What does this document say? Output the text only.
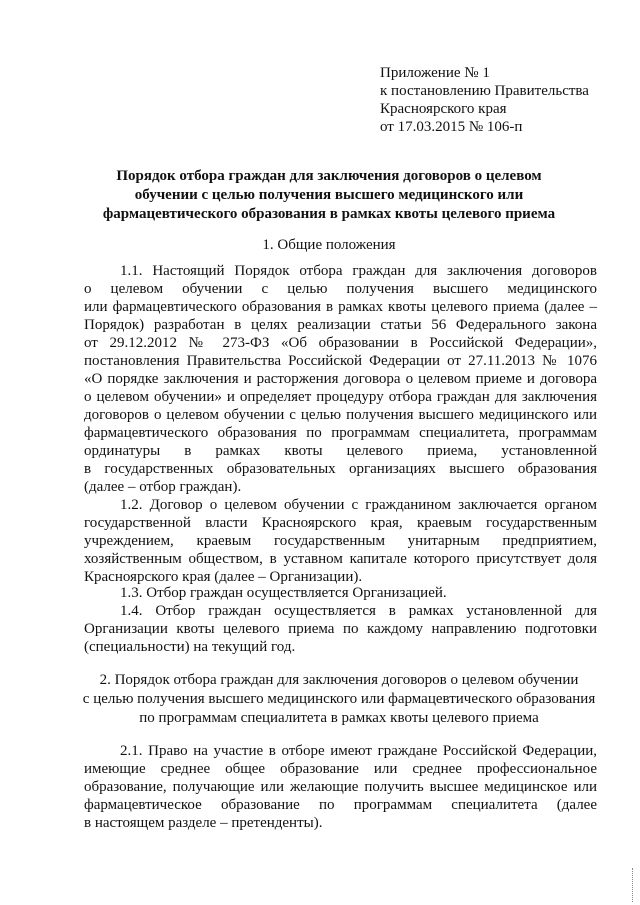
Приложение № 1
к постановлению Правительства
Красноярского края
от 17.03.2015 № 106-п
Порядок отбора граждан для заключения договоров о целевом
обучении с целью получения высшего медицинского или
фармацевтического образования в рамках квоты целевого приема
1. Общие положения
1.1. Настоящий Порядок отбора граждан для заключения договоров
о целевом обучении с целью получения высшего медицинского
или фармацевтического образования в рамках квоты целевого приема (далее –
Порядок) разработан в целях реализации статьи 56 Федерального закона
от 29.12.2012 № 273-ФЗ «Об образовании в Российской Федерации»,
постановления Правительства Российской Федерации от 27.11.2013 № 1076
«О порядке заключения и расторжения договора о целевом приеме и договора
о целевом обучении» и определяет процедуру отбора граждан для заключения
договоров о целевом обучении с целью получения высшего медицинского или
фармацевтического образования по программам специалитета, программам
ординатуры в рамках квоты целевого приема, установленной
в государственных образовательных организациях высшего образования
(далее – отбор граждан).
1.2. Договор о целевом обучении с гражданином заключается органом
государственной власти Красноярского края, краевым государственным
учреждением, краевым государственным унитарным предприятием,
хозяйственным обществом, в уставном капитале которого присутствует доля
Красноярского края (далее – Организации).
1.3. Отбор граждан осуществляется Организацией.
1.4. Отбор граждан осуществляется в рамках установленной для
Организации квоты целевого приема по каждому направлению подготовки
(специальности) на текущий год.
2. Порядок отбора граждан для заключения договоров о целевом обучении
с целью получения высшего медицинского или фармацевтического образования
по программам специалитета в рамках квоты целевого приема
2.1. Право на участие в отборе имеют граждане Российской Федерации,
имеющие среднее общее образование или среднее профессиональное
образование, получающие или желающие получить высшее медицинское или
фармацевтическое образование по программам специалитета (далее
в настоящем разделе – претенденты).
